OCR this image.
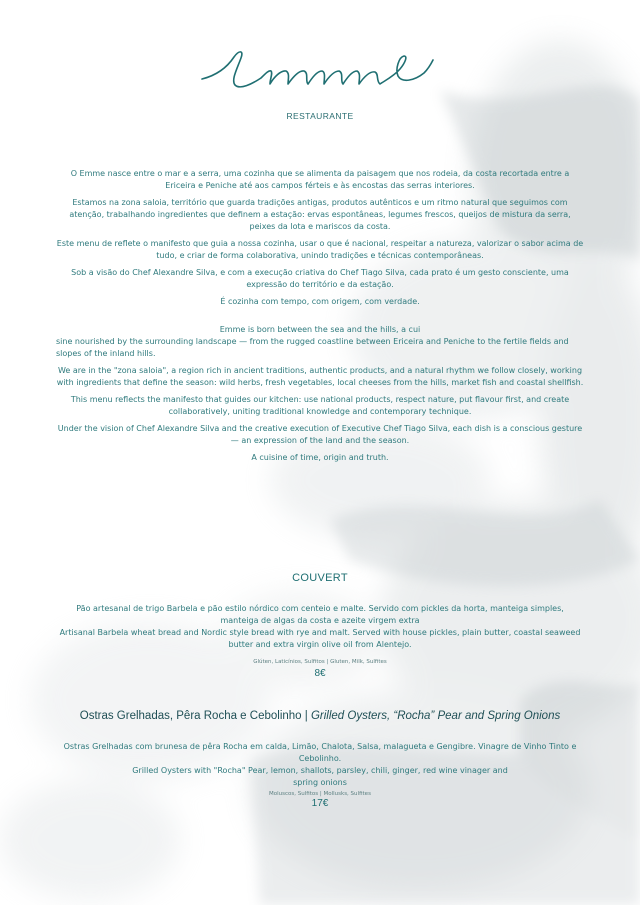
RESTAURANTE
O Emme nasce entre o mar e a serra, uma cozinha que se alimenta da paisagem que nos rodeia, da costa recortada entre a Ericeira e Peniche até aos campos férteis e às encostas das serras interiores.
Estamos na zona saloia, território que guarda tradições antigas, produtos autênticos e um ritmo natural que seguimos com atenção, trabalhando ingredientes que definem a estação: ervas espontâneas, legumes frescos, queijos de mistura da serra, peixes da lota e mariscos da costa.
Este menu de reflete o manifesto que guia a nossa cozinha, usar o que é nacional, respeitar a natureza, valorizar o sabor acima de tudo, e criar de forma colaborativa, unindo tradições e técnicas contemporâneas.
Sob a visão do Chef Alexandre Silva, e com a execução criativa do Chef Tiago Silva, cada prato é um gesto consciente, uma expressão do território e da estação.
É cozinha com tempo, com origem, com verdade.
Emme is born between the sea and the hills, a cui
sine nourished by the surrounding landscape — from the rugged coastline between Ericeira and Peniche to the fertile fields and slopes of the inland hills.
We are in the "zona saloia", a region rich in ancient traditions, authentic products, and a natural rhythm we follow closely, working with ingredients that define the season: wild herbs, fresh vegetables, local cheeses from the hills, market fish and coastal shellfish.
This menu reflects the manifesto that guides our kitchen: use national products, respect nature, put flavour first, and create collaboratively, uniting traditional knowledge and contemporary technique.
Under the vision of Chef Alexandre Silva and the creative execution of Executive Chef Tiago Silva, each dish is a conscious gesture — an expression of the land and the season.
A cuisine of time, origin and truth.
COUVERT
Pão artesanal de trigo Barbela e pão estilo nórdico com centeio e malte. Servido com pickles da horta, manteiga simples, manteiga de algas da costa e azeite virgem extra
Artisanal Barbela wheat bread and Nordic style bread with rye and malt. Served with house pickles, plain butter, coastal seaweed butter and extra virgin olive oil from Alentejo.
Glúten, Laticínios, Sulfitos | Gluten, Milk, Sulfites
8€
Ostras Grelhadas, Pêra Rocha e Cebolinho | Grilled Oysters, “Rocha” Pear and Spring Onions
Ostras Grelhadas com brunesa de pêra Rocha em calda, Limão, Chalota, Salsa, malagueta e Gengibre. Vinagre de Vinho Tinto e Cebolinho.
Grilled Oysters with "Rocha" Pear, lemon, shallots, parsley, chili, ginger, red wine vinager and
spring onions
Moluscos, Sulfitos | Mollusks, Sulfites
17€
